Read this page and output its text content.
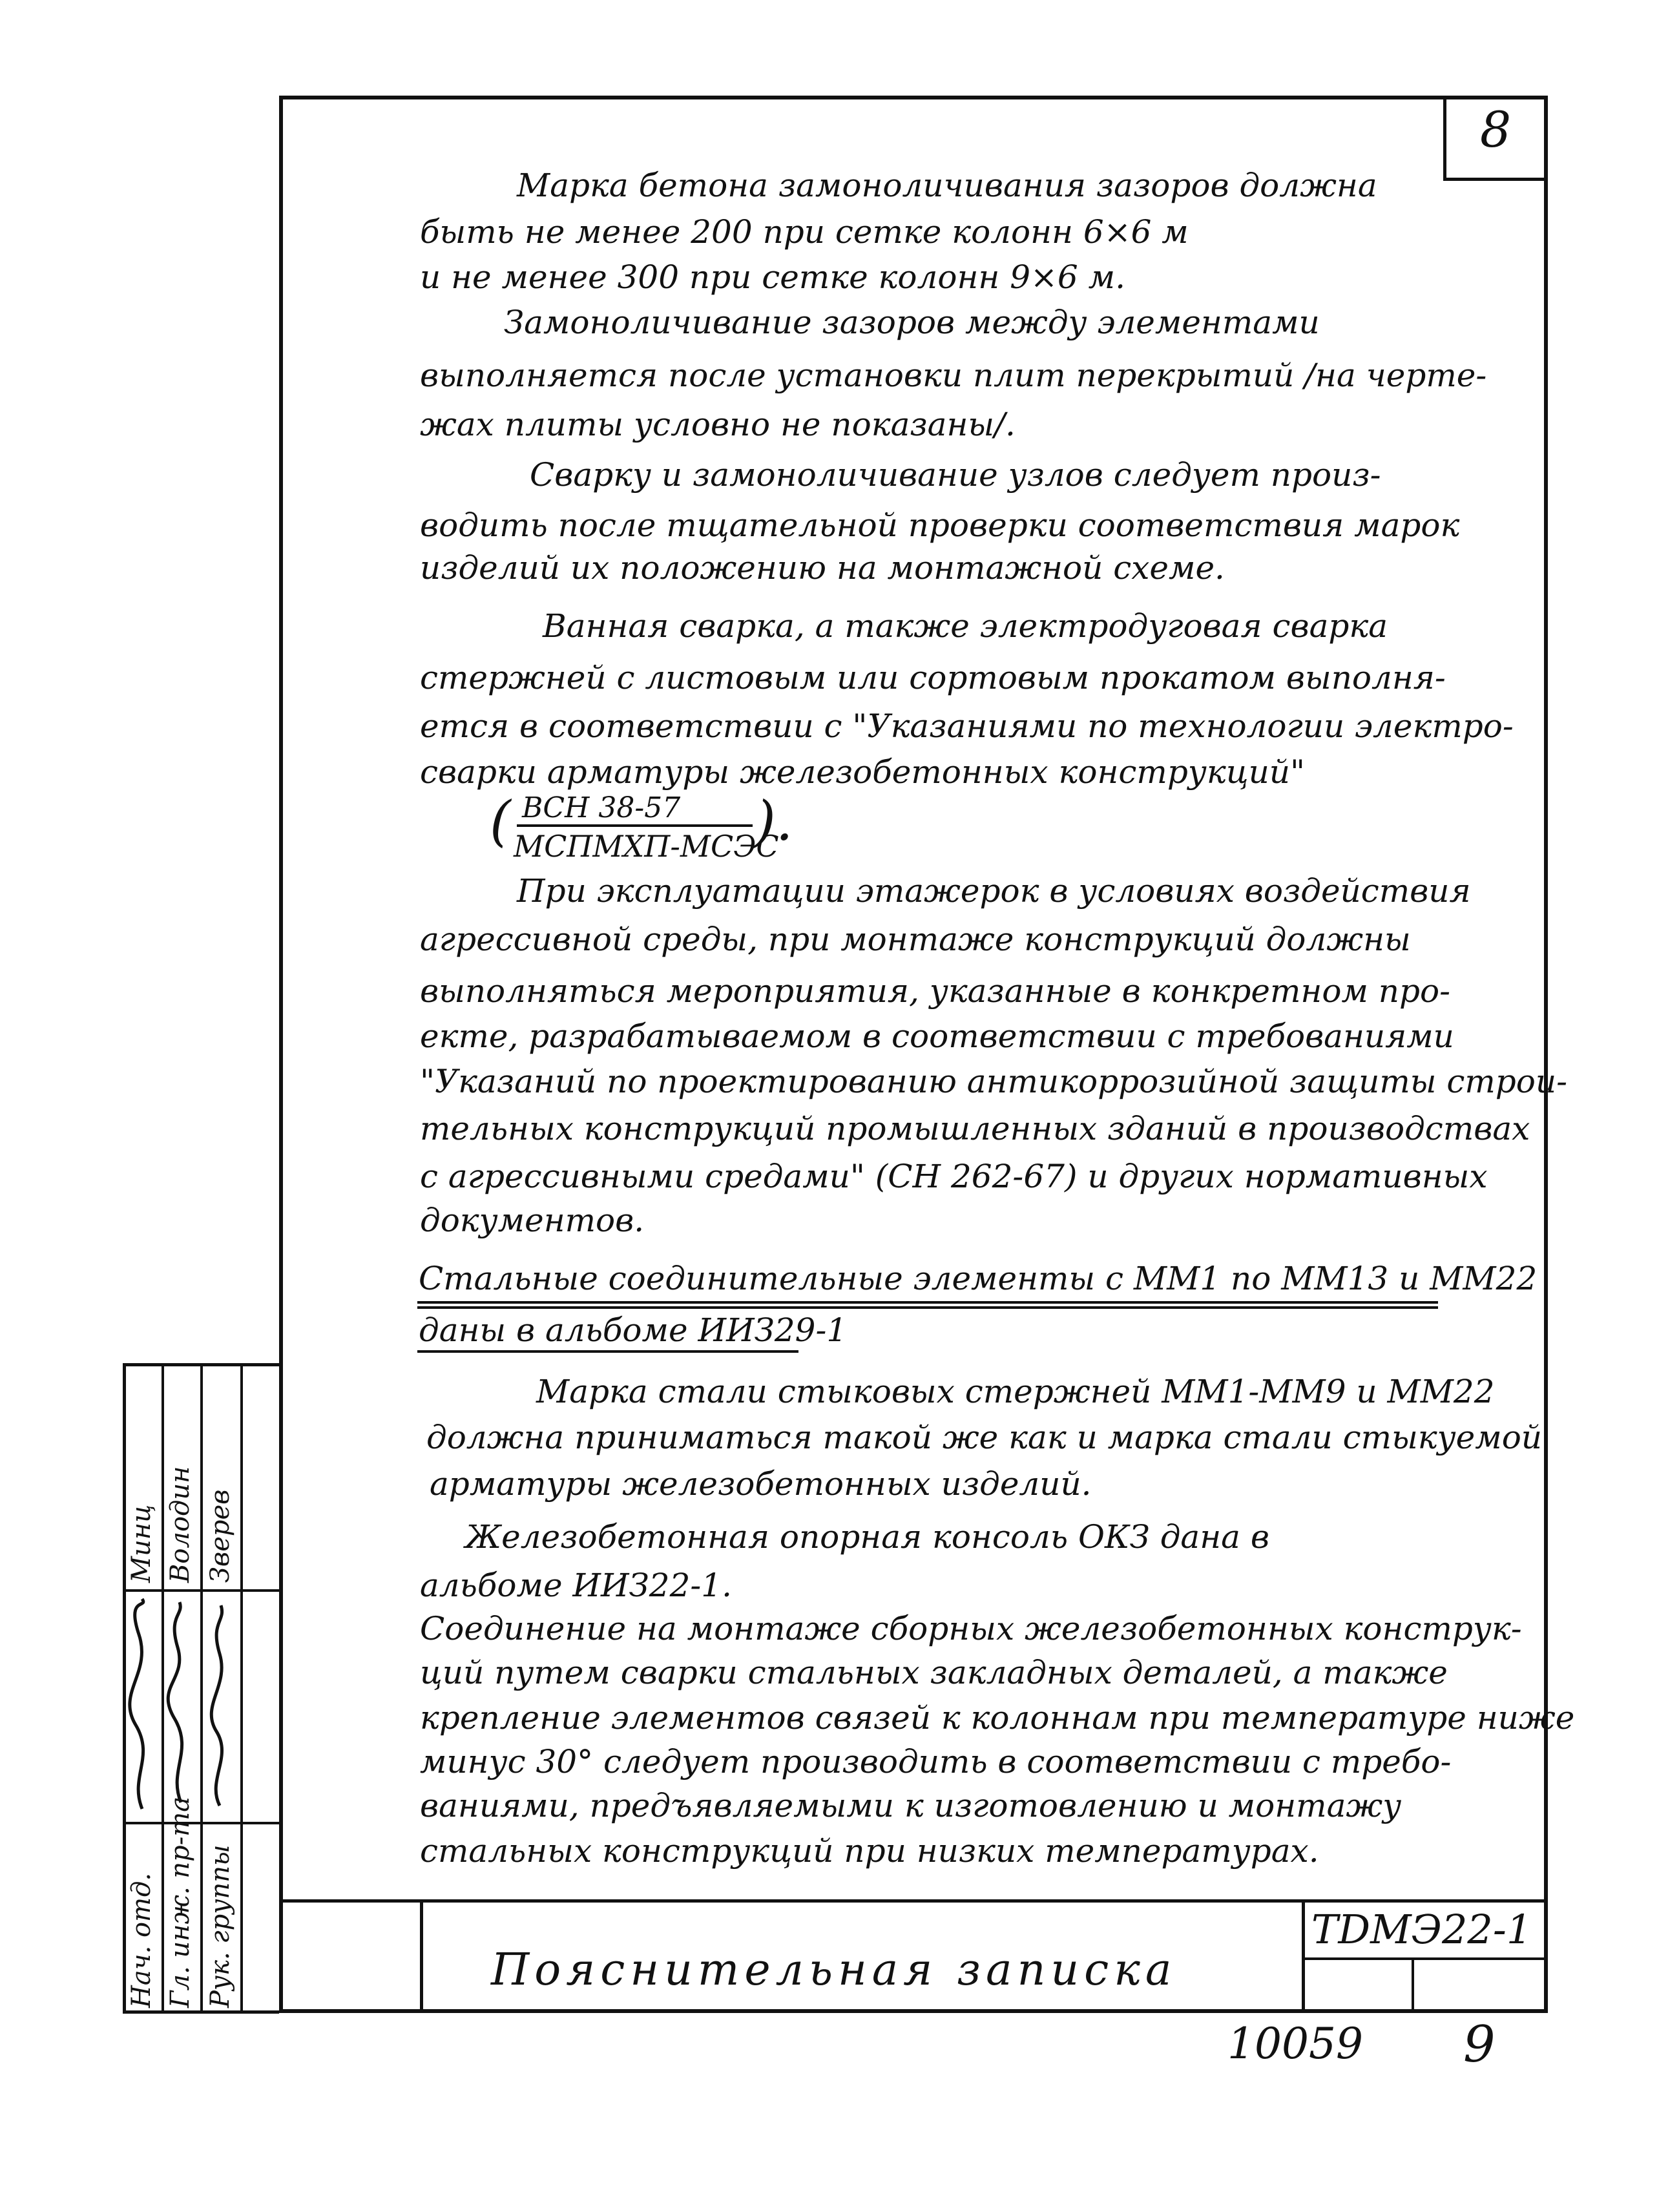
8
Марка бетона замоноличивания зазоров должна
быть не менее 200 при сетке колонн 6×6 м
и не менее 300 при сетке колонн 9×6 м.
Замоноличивание зазоров между элементами
выполняется после установки плит перекрытий /на черте-
жах плиты условно не показаны/.
Сварку и замоноличивание узлов следует произ-
водить после тщательной проверки соответствия марок
изделий их положению на монтажной схеме.
Ванная сварка, а также электродуговая сварка
стержней с листовым или сортовым прокатом выполня-
ется в соответствии с "Указаниями по технологии электро-
сварки арматуры железобетонных конструкций"
( ВСН 38-57
МСПМХП-МСЭС
).
При эксплуатации этажерок в условиях воздействия
агрессивной среды, при монтаже конструкций должны
выполняться мероприятия, указанные в конкретном про-
екте, разрабатываемом в соответствии с требованиями
"Указаний по проектированию антикоррозийной защиты строи-
тельных конструкций промышленных зданий в производствах
с агрессивными средами" (СН 262-67) и других нормативных
документов.
Стальные соединительные элементы с ММ1 по ММ13 и ММ22
даны в альбоме ИИЗ29-1
Марка стали стыковых стержней ММ1-ММ9 и ММ22
должна приниматься такой же как и марка стали стыкуемой
арматуры железобетонных изделий.
Железобетонная опорная консоль ОКЗ дана в
альбоме ИИЗ22-1.
Соединение на монтаже сборных железобетонных конструк-
ций путем сварки стальных закладных деталей, а также
крепление элементов связей к колоннам при температуре ниже
минус 30° следует производить в соответствии с требо-
ваниями, предъявляемыми к изготовлению и монтажу
стальных конструкций при низких температурах.
TDМЭ22-1
Пояснительная записка
Нач. отд. Гл. инж. пр-та Рук. группы
Минц Володин Зверев
10059 9
